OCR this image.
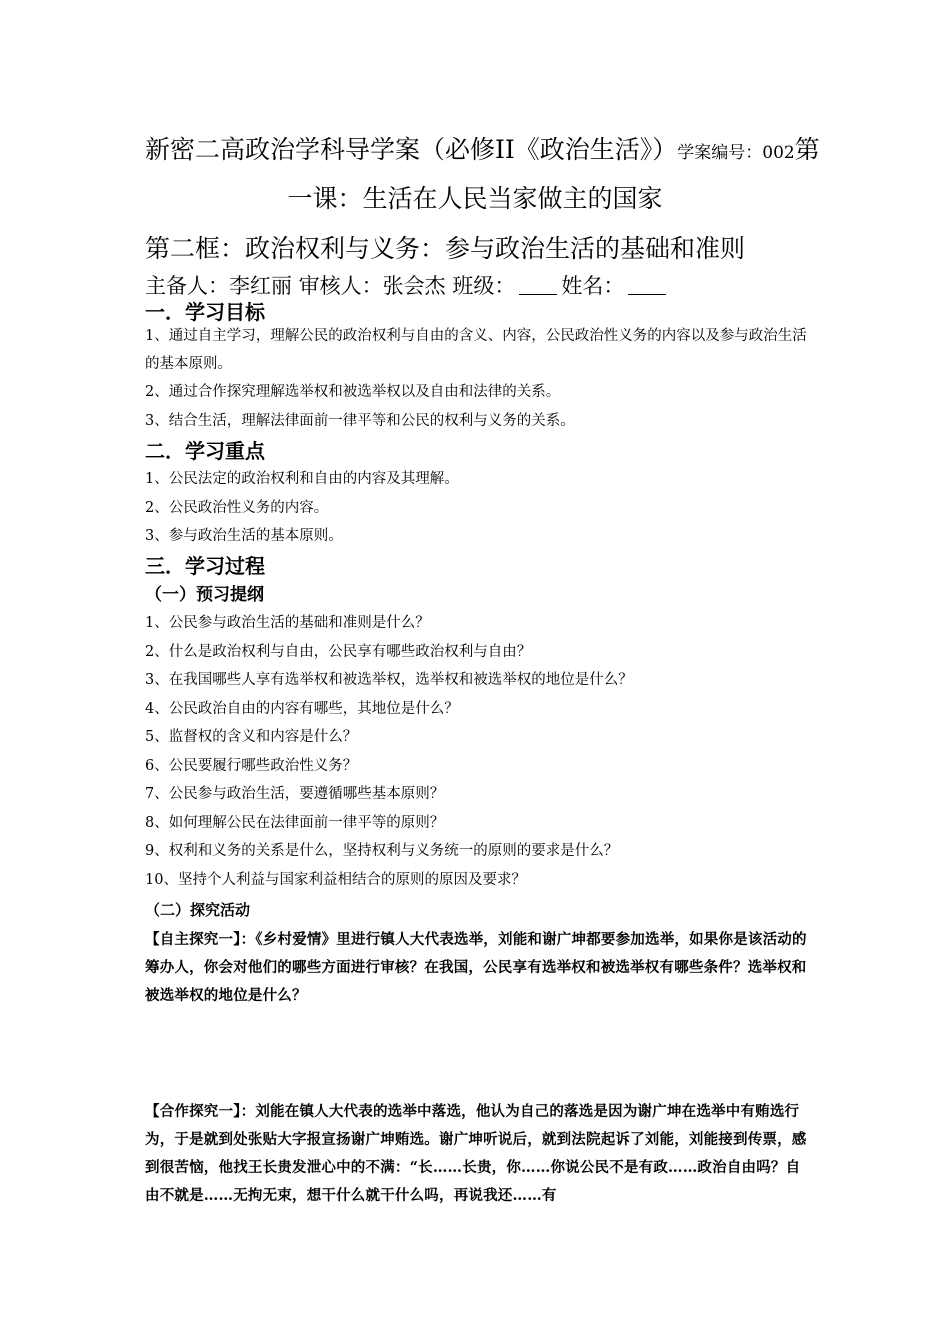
新密二高政治学科导学案（必修II《政治生活》）学案编号：002第
一课：生活在人民当家做主的国家
第二框：政治权利与义务：参与政治生活的基础和准则
主备人：李红丽 审核人：张会杰 班级： 姓名：
一．学习目标
1、通过自主学习，理解公民的政治权利与自由的含义、内容，公民政治性义务的内容以及参与政治生活的基本原则。
2、通过合作探究理解选举权和被选举权以及自由和法律的关系。
3、结合生活，理解法律面前一律平等和公民的权利与义务的关系。
二．学习重点
1、公民法定的政治权利和自由的内容及其理解。
2、公民政治性义务的内容。
3、参与政治生活的基本原则。
三．学习过程
（一）预习提纲
1、公民参与政治生活的基础和准则是什么？
2、什么是政治权利与自由，公民享有哪些政治权利与自由？
3、在我国哪些人享有选举权和被选举权，选举权和被选举权的地位是什么？
4、公民政治自由的内容有哪些，其地位是什么？
5、监督权的含义和内容是什么？
6、公民要履行哪些政治性义务？
7、公民参与政治生活，要遵循哪些基本原则？
8、如何理解公民在法律面前一律平等的原则？
9、权利和义务的关系是什么，坚持权利与义务统一的原则的要求是什么？
10、坚持个人利益与国家利益相结合的原则的原因及要求？
（二）探究活动
【自主探究一】：《乡村爱情》里进行镇人大代表选举，刘能和谢广坤都要参加选举，如果你是该活动的筹办人，你会对他们的哪些方面进行审核？在我国，公民享有选举权和被选举权有哪些条件？选举权和被选举权的地位是什么？
【合作探究一】：刘能在镇人大代表的选举中落选，他认为自己的落选是因为谢广坤在选举中有贿选行为，于是就到处张贴大字报宣扬谢广坤贿选。谢广坤听说后，就到法院起诉了刘能，刘能接到传票，感到很苦恼，他找王长贵发泄心中的不满：“长……长贵，你……你说公民不是有政……政治自由吗？自由不就是……无拘无束，想干什么就干什么吗，再说我还……有
